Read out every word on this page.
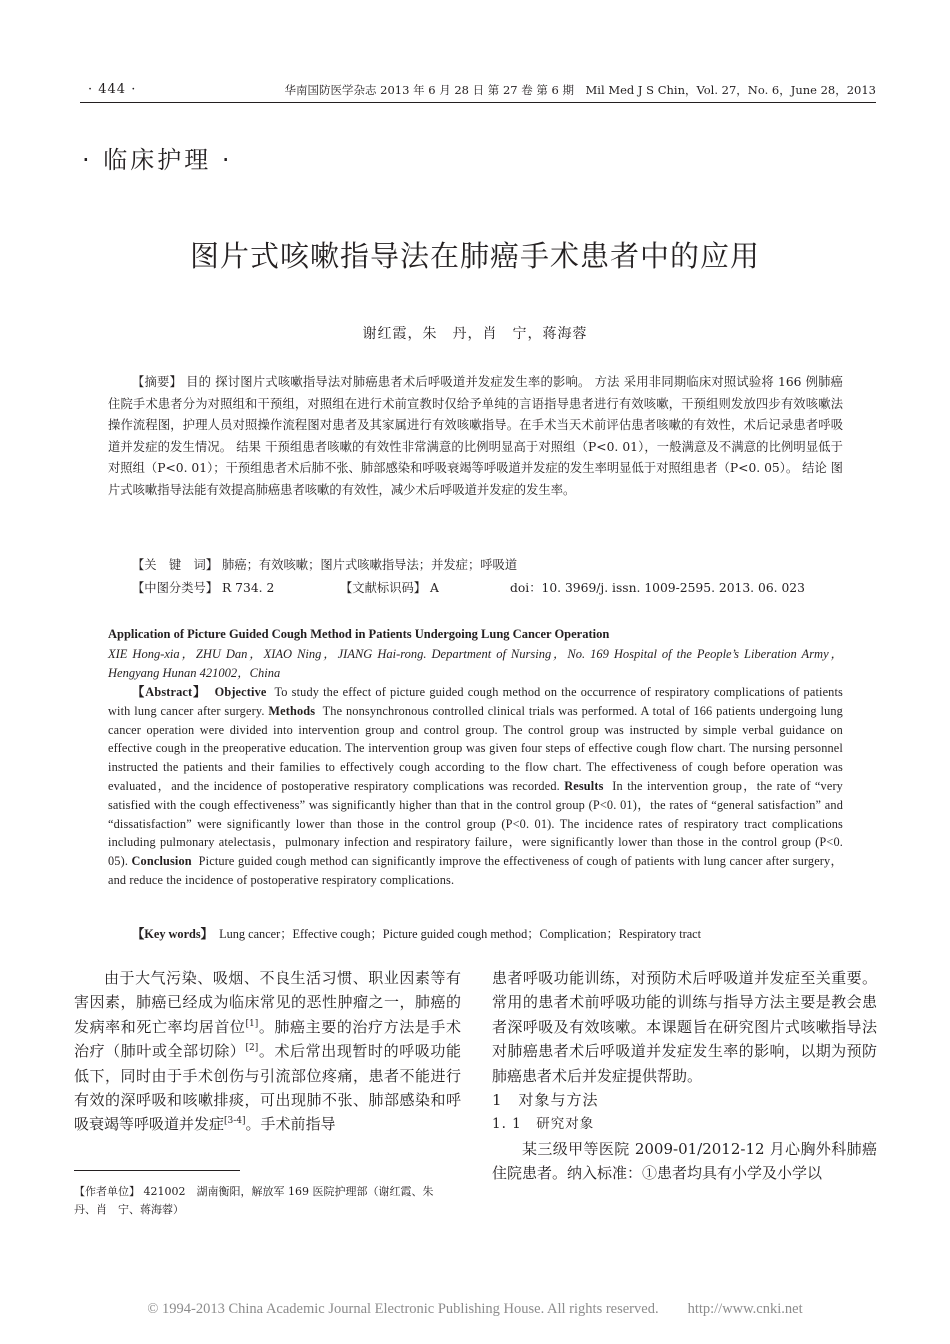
· 444 ·	华南国防医学杂志 2013 年 6 月 28 日 第 27 卷 第 6 期　Mil Med J S Chin，Vol. 27，No. 6，June 28，2013
· 临床护理 ·
图片式咳嗽指导法在肺癌手术患者中的应用
谢红霞，朱　丹，肖　宁，蒋海蓉
【摘要】 目的 探讨图片式咳嗽指导法对肺癌患者术后呼吸道并发症发生率的影响。 方法 采用非同期临床对照试验将 166 例肺癌住院手术患者分为对照组和干预组，对照组在进行术前宣教时仅给予单纯的言语指导患者进行有效咳嗽，干预组则发放四步有效咳嗽法操作流程图，护理人员对照操作流程图对患者及其家属进行有效咳嗽指导。在手术当天术前评估患者咳嗽的有效性，术后记录患者呼吸道并发症的发生情况。 结果 干预组患者咳嗽的有效性非常满意的比例明显高于对照组（P<0. 01），一般满意及不满意的比例明显低于对照组（P<0. 01）；干预组患者术后肺不张、肺部感染和呼吸衰竭等呼吸道并发症的发生率明显低于对照组患者（P<0. 05）。 结论 图片式咳嗽指导法能有效提高肺癌患者咳嗽的有效性，减少术后呼吸道并发症的发生率。
【关　键　词】 肺癌；有效咳嗽；图片式咳嗽指导法；并发症；呼吸道
【中图分类号】 R 734. 2	【文献标识码】 A	doi：10. 3969/j. issn. 1009-2595. 2013. 06. 023
Application of Picture Guided Cough Method in Patients Undergoing Lung Cancer Operation
XIE Hong-xia，ZHU Dan，XIAO Ning，JIANG Hai-rong. Department of Nursing，No. 169 Hospital of the People’s Liberation Army，Hengyang Hunan 421002，China
【Abstract】 Objective To study the effect of picture guided cough method on the occurrence of respiratory complications of patients with lung cancer after surgery. Methods The nonsynchronous controlled clinical trials was performed. A total of 166 patients undergoing lung cancer operation were divided into intervention group and control group. The control group was instructed by simple verbal guidance on effective cough in the preoperative education. The intervention group was given four steps of effective cough flow chart. The nursing personnel instructed the patients and their families to effectively cough according to the flow chart. The effectiveness of cough before operation was evaluated，and the incidence of postoperative respiratory complications was recorded. Results In the intervention group，the rate of “very satisfied with the cough effectiveness” was significantly higher than that in the control group (P<0. 01)，the rates of “general satisfaction” and “dissatisfaction” were significantly lower than those in the control group (P<0. 01). The incidence rates of respiratory tract complications including pulmonary atelectasis，pulmonary infection and respiratory failure，were significantly lower than those in the control group (P<0. 05). Conclusion Picture guided cough method can significantly improve the effectiveness of cough of patients with lung cancer after surgery，and reduce the incidence of postoperative respiratory complications.
【Key words】 Lung cancer；Effective cough；Picture guided cough method；Complication；Respiratory tract

由于大气污染、吸烟、不良生活习惯、职业因素等有害因素，肺癌已经成为临床常见的恶性肿瘤之一，肺癌的发病率和死亡率均居首位[1]。肺癌主要的治疗方法是手术治疗（肺叶或全部切除）[2]。术后常出现暂时的呼吸功能低下，同时由于手术创伤与引流部位疼痛，患者不能进行有效的深呼吸和咳嗽排痰，可出现肺不张、肺部感染和呼吸衰竭等呼吸道并发症[3-4]。手术前指导

患者呼吸功能训练，对预防术后呼吸道并发症至关重要。常用的患者术前呼吸功能的训练与指导方法主要是教会患者深呼吸及有效咳嗽。本课题旨在研究图片式咳嗽指导法对肺癌患者术后呼吸道并发症发生率的影响，以期为预防肺癌患者术后并发症提供帮助。

1　对象与方法

1. 1　研究对象

某三级甲等医院 2009-01/2012-12 月心胸外科肺癌住院患者。纳入标准：①患者均具有小学及小学以

【作者单位】 421002　湖南衡阳，解放军 169 医院护理部（谢红霞、朱　丹、肖　宁、蒋海蓉）
© 1994-2013 China Academic Journal Electronic Publishing House. All rights reserved.　　http://www.cnki.net
